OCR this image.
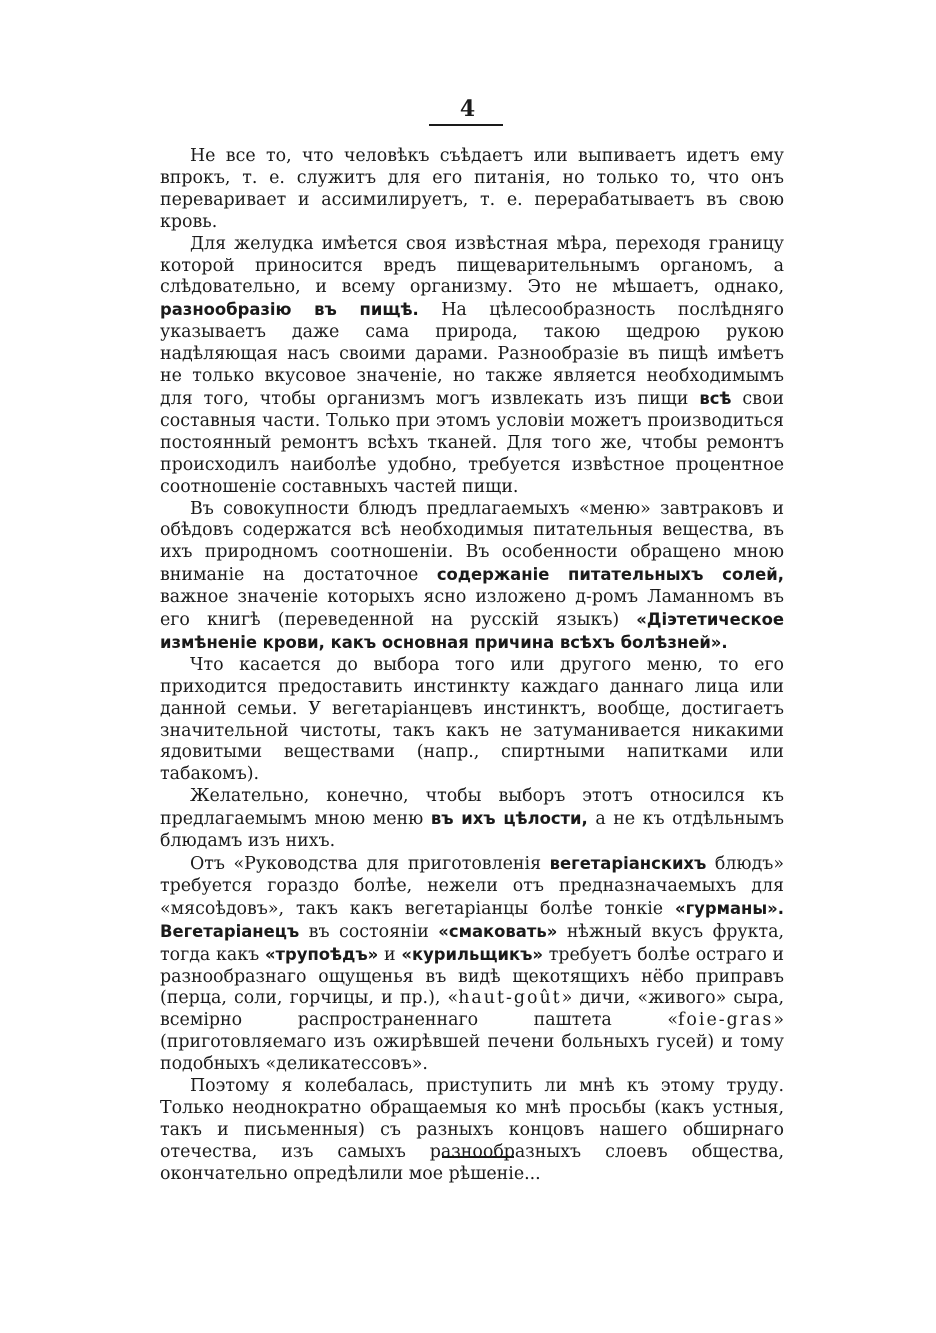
4

Не все то, что человѣкъ съѣдаетъ или выпиваетъ идетъ ему впрокъ, т. е. служитъ для его питанія, но только то, что онъ переваривает и ассимилируетъ, т. е. перерабатываетъ въ свою кровь.

Для желудка имѣется своя извѣстная мѣра, переходя границу которой приносится вредъ пищеварительнымъ органомъ, а слѣдовательно, и всему организму. Это не мѣшаетъ, однако, разнообразію въ пищѣ. На цѣлесообразность послѣдняго указываетъ даже сама природа, такою щедрою рукою надѣляющая насъ своими дарами. Разнообразіе въ пищѣ имѣетъ не только вкусовое значеніе, но также является необходимымъ для того, чтобы организмъ могъ извлекать изъ пищи всѣ свои составныя части. Только при этомъ условіи можетъ производиться постоянный ремонтъ всѣхъ тканей. Для того же, чтобы ремонтъ происходилъ наиболѣе удобно, требуется извѣстное процентное соотношеніе составныхъ частей пищи.

Въ совокупности блюдъ предлагаемыхъ «меню» завтраковъ и обѣдовъ содержатся всѣ необходимыя питательныя вещества, въ ихъ природномъ соотношеніи. Въ особенности обращено мною вниманіе на достаточное содержаніе питательныхъ солей, важное значеніе которыхъ ясно изложено д-ромъ Ламанномъ въ его книгѣ (переведенной на русскій языкъ) «Діэтетическое измѣненіе крови, какъ основная причина всѣхъ болѣзней».

Что касается до выбора того или другого меню, то его приходится предоставить инстинкту каждаго даннаго лица или данной семьи. У вегетаріанцевъ инстинктъ, вообще, достигаетъ значительной чистоты, такъ какъ не затуманивается никакими ядовитыми веществами (напр., спиртными напитками или табакомъ).

Желательно, конечно, чтобы выборъ этотъ относился къ предлагаемымъ мною меню въ ихъ цѣлости, а не къ отдѣльнымъ блюдамъ изъ нихъ.

Отъ «Руководства для приготовленія вегетаріанскихъ блюдъ» требуется гораздо болѣе, нежели отъ предназначаемыхъ для «мясоѣдовъ», такъ какъ вегетаріанцы болѣе тонкіе «гурманы». Вегетаріанецъ въ состояніи «смаковать» нѣжный вкусъ фрукта, тогда какъ «трупоѣдъ» и «курильщикъ» требуетъ болѣе остраго и разнообразнаго ощущенья въ видѣ щекотящихъ нёбо приправъ (перца, соли, горчицы, и пр.), «haut-goût» дичи, «живого» сыра, всемірно распространеннаго паштета «foie-gras» (приготовляемаго изъ ожирѣвшей печени больныхъ гусей) и тому подобныхъ «деликатессовъ».

Поэтому я колебалась, приступить ли мнѣ къ этому труду. Только неоднократно обращаемыя ко мнѣ просьбы (какъ устныя, такъ и письменныя) съ разныхъ концовъ нашего обширнаго отечества, изъ самыхъ разнообразныхъ слоевъ общества, окончательно опредѣлили мое рѣшеніе...
